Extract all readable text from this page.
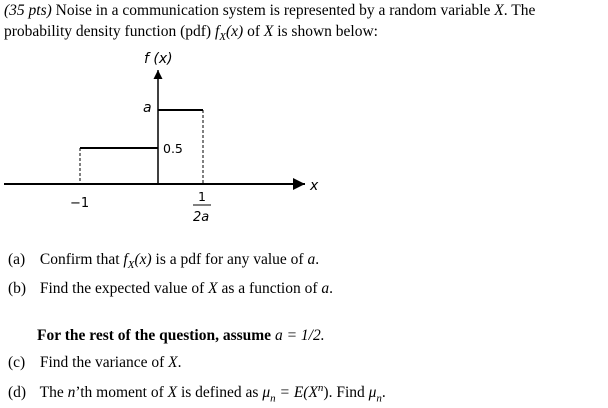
(35 pts) Noise in a communication system is represented by a random variable X. The
probability density function (pdf) $f_X(x)$ of X is shown below:
f (x)
x
a
0.5
−1	1
2a
(a) Confirm that $f_X(x)$ is a pdf for any value of a.
(b) Find the expected value of X as a function of a.
For the rest of the question, assume a = 1/2.
(c) Find the variance of X.
(d) The n’th moment of X is defined as $\mu_n = E(X^n)$. Find $\mu_n$.
